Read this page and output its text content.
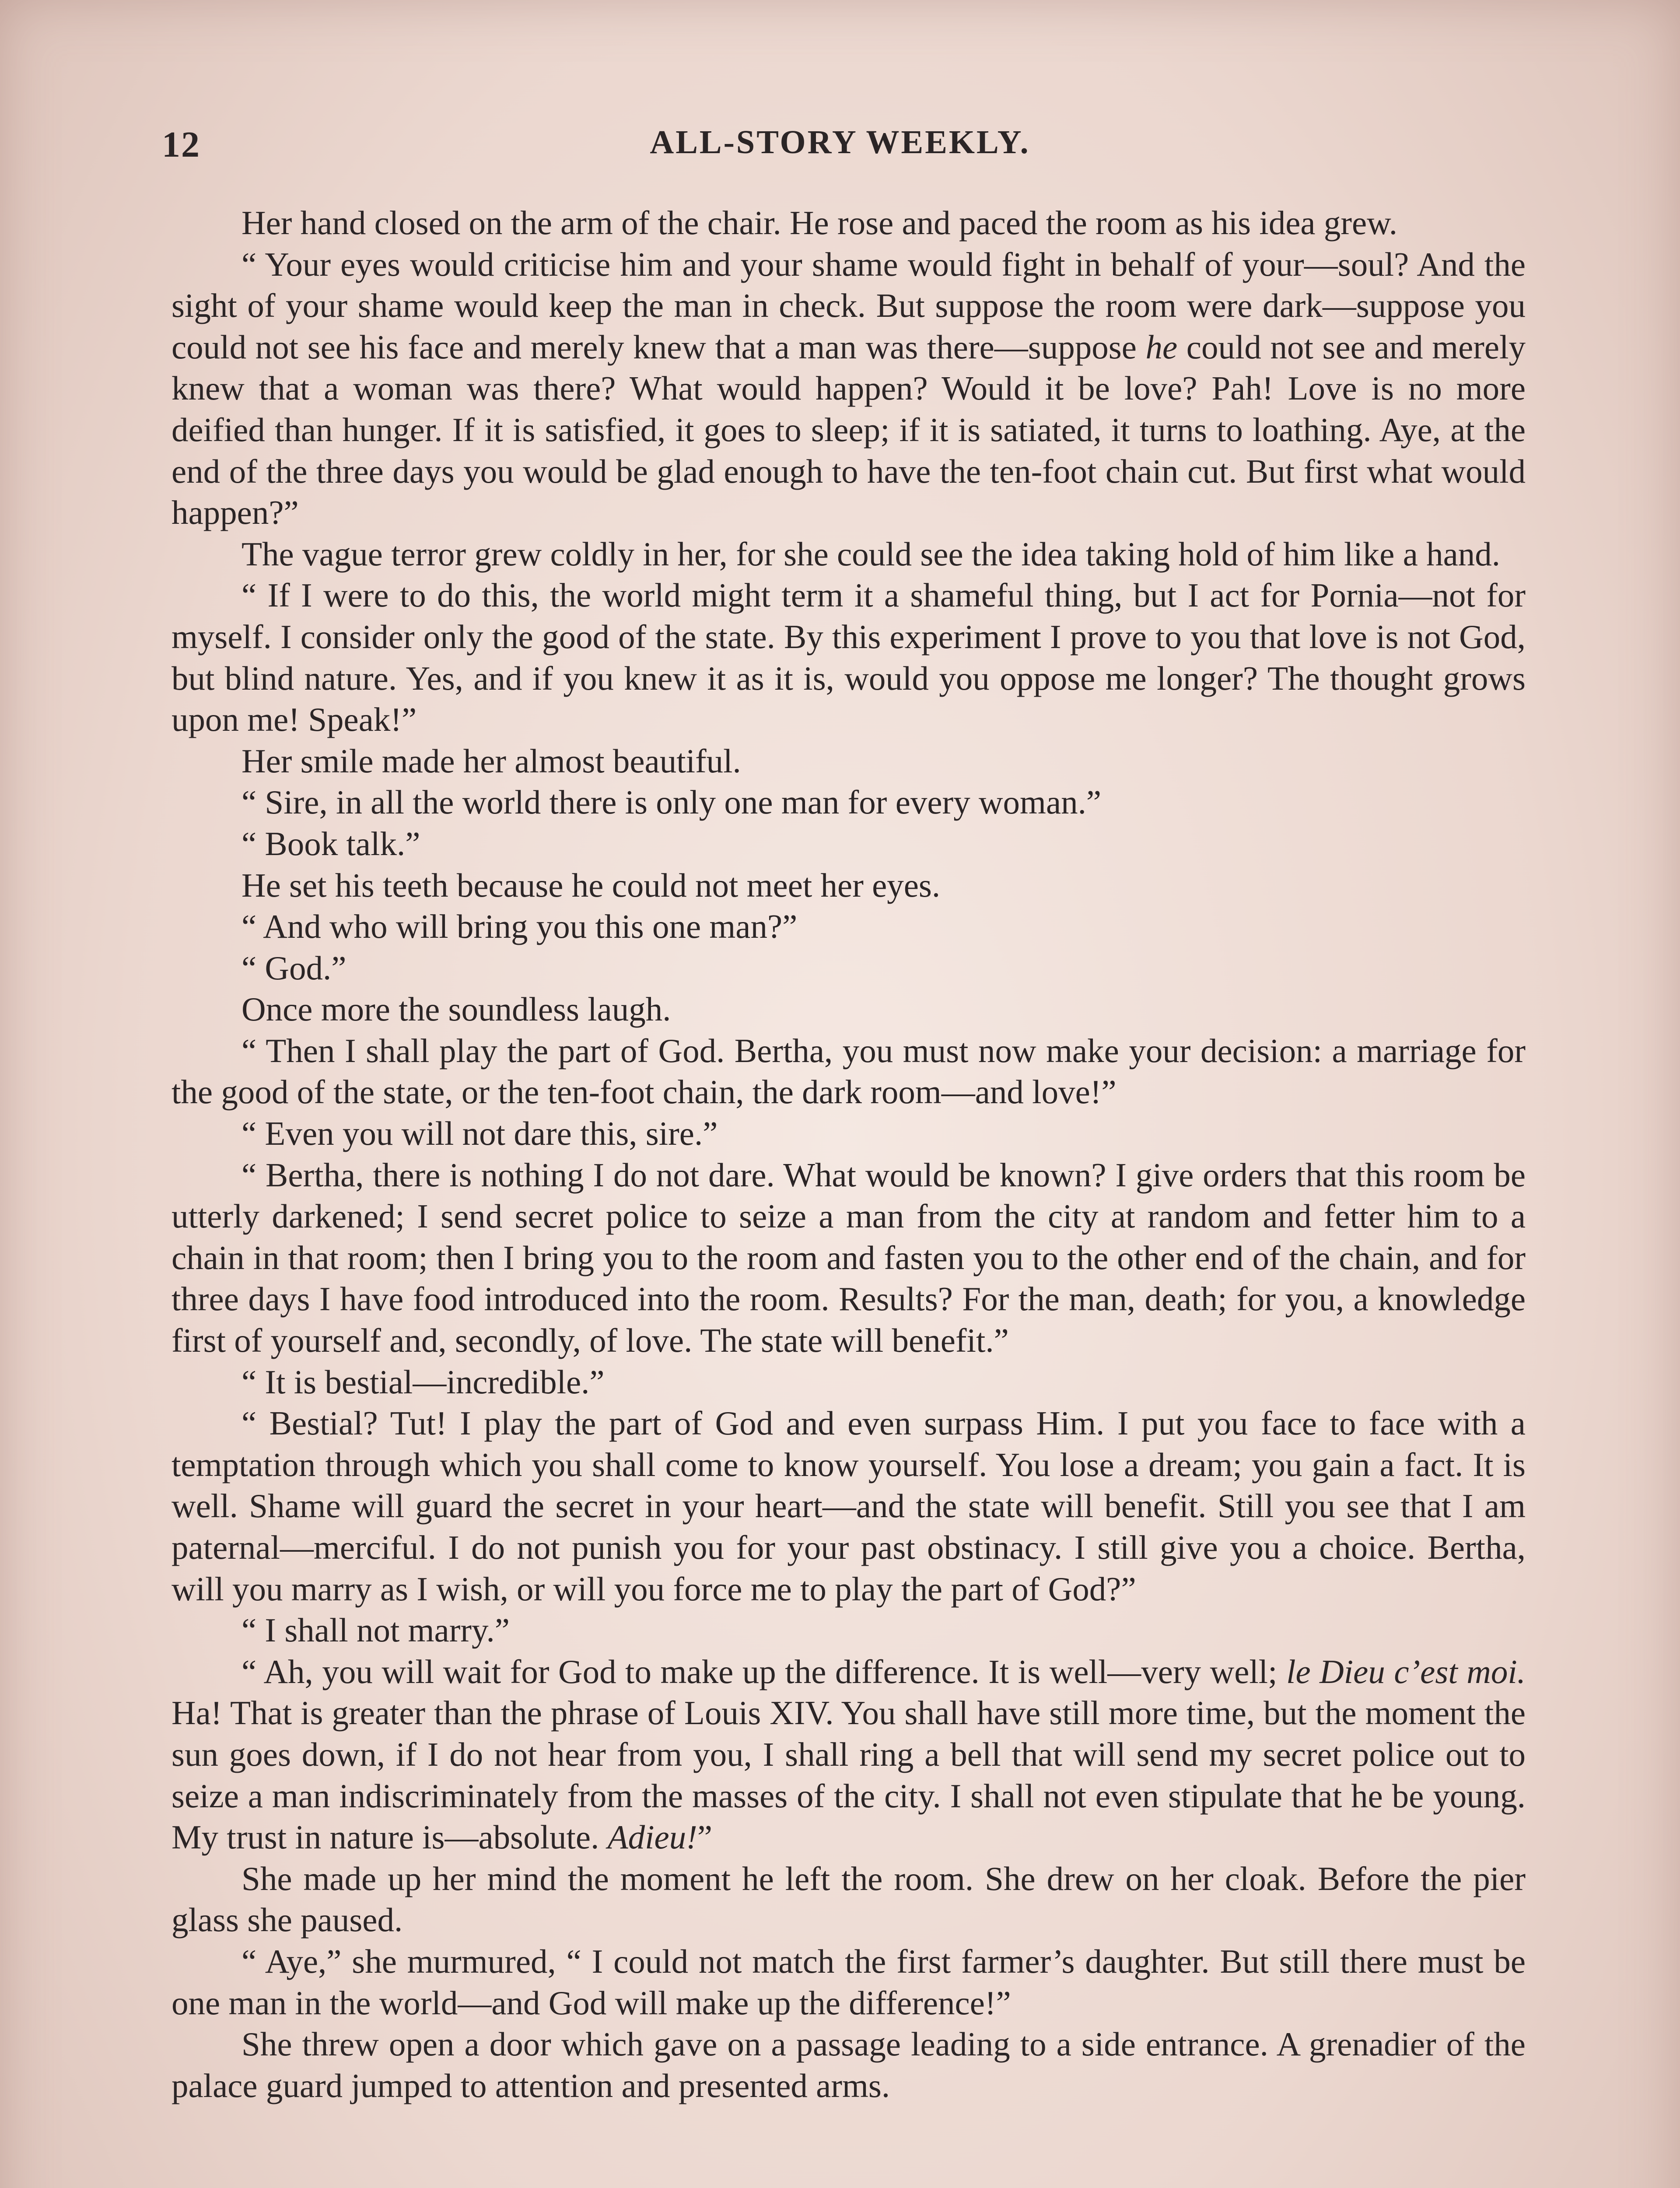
12	ALL-STORY WEEKLY.

Her hand closed on the arm of the chair. He rose and paced the room as his idea grew.

“ Your eyes would criticise him and your shame would fight in behalf of your—soul? And the sight of your shame would keep the man in check. But suppose the room were dark—suppose you could not see his face and merely knew that a man was there—suppose he could not see and merely knew that a woman was there? What would happen? Would it be love? Pah! Love is no more deified than hunger. If it is satisfied, it goes to sleep; if it is satiated, it turns to loathing. Aye, at the end of the three days you would be glad enough to have the ten-foot chain cut. But first what would happen?”

The vague terror grew coldly in her, for she could see the idea taking hold of him like a hand.

“ If I were to do this, the world might term it a shameful thing, but I act for Pornia—not for myself. I consider only the good of the state. By this experiment I prove to you that love is not God, but blind nature. Yes, and if you knew it as it is, would you oppose me longer? The thought grows upon me! Speak!”

Her smile made her almost beautiful.

“ Sire, in all the world there is only one man for every woman.”

“ Book talk.”

He set his teeth because he could not meet her eyes.

“ And who will bring you this one man?”

“ God.”

Once more the soundless laugh.

“ Then I shall play the part of God. Bertha, you must now make your decision: a marriage for the good of the state, or the ten-foot chain, the dark room—and love!”

“ Even you will not dare this, sire.”

“ Bertha, there is nothing I do not dare. What would be known? I give orders that this room be utterly darkened; I send secret police to seize a man from the city at random and fetter him to a chain in that room; then I bring you to the room and fasten you to the other end of the chain, and for three days I have food introduced into the room. Results? For the man, death; for you, a knowledge first of yourself and, secondly, of love. The state will benefit.”

“ It is bestial—incredible.”

“ Bestial? Tut! I play the part of God and even surpass Him. I put you face to face with a temptation through which you shall come to know yourself. You lose a dream; you gain a fact. It is well. Shame will guard the secret in your heart—and the state will benefit. Still you see that I am paternal—merciful. I do not punish you for your past obstinacy. I still give you a choice. Bertha, will you marry as I wish, or will you force me to play the part of God?”

“ I shall not marry.”

“ Ah, you will wait for God to make up the difference. It is well—very well; le Dieu c’est moi. Ha! That is greater than the phrase of Louis XIV. You shall have still more time, but the moment the sun goes down, if I do not hear from you, I shall ring a bell that will send my secret police out to seize a man indiscriminately from the masses of the city. I shall not even stipulate that he be young. My trust in nature is—absolute. Adieu!”

She made up her mind the moment he left the room. She drew on her cloak. Before the pier glass she paused.

“ Aye,” she murmured, “ I could not match the first farmer’s daughter. But still there must be one man in the world—and God will make up the difference!”

She threw open a door which gave on a passage leading to a side entrance. A grenadier of the palace guard jumped to attention and presented arms.
